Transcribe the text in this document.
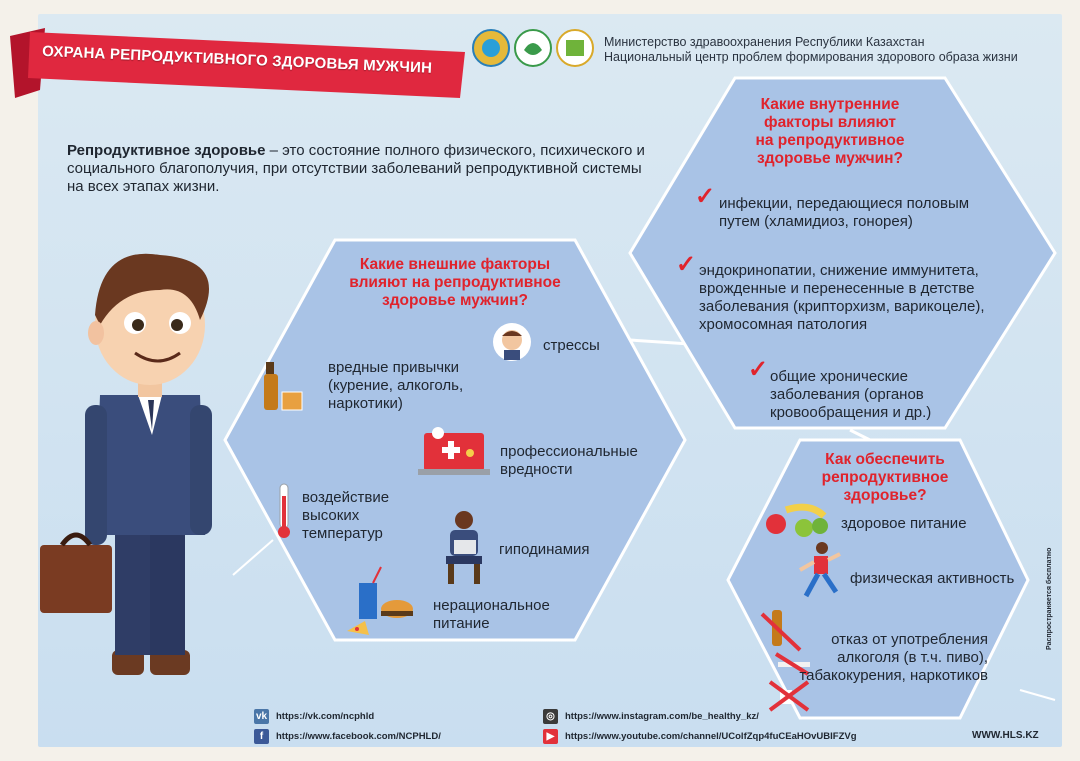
ОХРАНА РЕПРОДУКТИВНОГО ЗДОРОВЬЯ МУЖЧИН
Министерство здравоохранения Республики Казахстан
Национальный центр проблем формирования здорового образа жизни
Репродуктивное здоровье – это состояние полного физического, психического и социального благополучия, при отсутствии заболеваний репродуктивной системы на всех этапах жизни.
Какие внешние факторы влияют на репродуктивное здоровье мужчин?
стрессы
вредные привычки (курение, алкоголь, наркотики)
профессиональные вредности
воздействие высоких температур
гиподинамия
нерациональное питание
Какие внутренние факторы влияют на репродуктивное здоровье мужчин?
✓ инфекции, передающиеся половым путем (хламидиоз, гонорея)
✓ эндокринопатии, снижение иммунитета, врожденные и перенесенные в детстве заболевания (крипторхизм, варикоцеле), хромосомная патология
✓ общие хронические заболевания (органов кровообращения и др.)
Как обеспечить репродуктивное здоровье?
здоровое питание
физическая активность
отказ от употребления алкоголя (в т.ч. пиво), табакокурения, наркотиков
vk https://vk.com/ncphld
f	https://www.facebook.com/NCPHLD/
◎	https://www.instagram.com/be_healthy_kz/
▶	https://www.youtube.com/channel/UColfZqp4fuCEaHOvUBIFZVg	WWW.HLS.KZ
Распространяется бесплатно
